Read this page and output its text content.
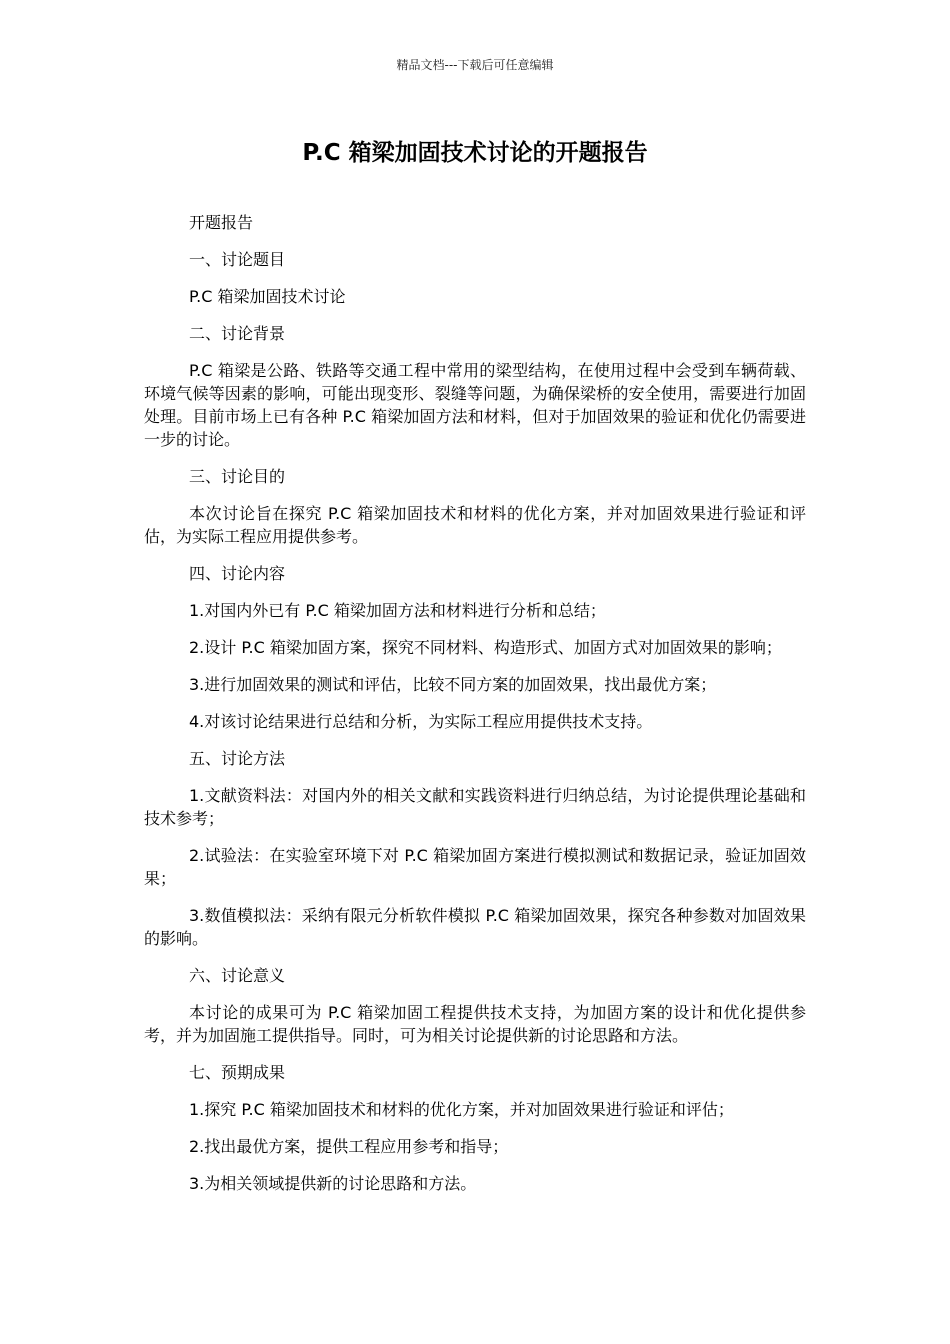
精品文档---下载后可任意编辑
P.C 箱梁加固技术讨论的开题报告

开题报告

一、讨论题目

P.C 箱梁加固技术讨论

二、讨论背景

P.C 箱梁是公路、铁路等交通工程中常用的梁型结构，在使用过程中会受到车辆荷载、环境气候等因素的影响，可能出现变形、裂缝等问题，为确保梁桥的安全使用，需要进行加固处理。目前市场上已有各种 P.C 箱梁加固方法和材料，但对于加固效果的验证和优化仍需要进一步的讨论。

三、讨论目的

本次讨论旨在探究 P.C 箱梁加固技术和材料的优化方案，并对加固效果进行验证和评估，为实际工程应用提供参考。

四、讨论内容

1.对国内外已有 P.C 箱梁加固方法和材料进行分析和总结；

2.设计 P.C 箱梁加固方案，探究不同材料、构造形式、加固方式对加固效果的影响；

3.进行加固效果的测试和评估，比较不同方案的加固效果，找出最优方案；

4.对该讨论结果进行总结和分析，为实际工程应用提供技术支持。

五、讨论方法

1.文献资料法：对国内外的相关文献和实践资料进行归纳总结，为讨论提供理论基础和技术参考；

2.试验法：在实验室环境下对 P.C 箱梁加固方案进行模拟测试和数据记录，验证加固效果；

3.数值模拟法：采纳有限元分析软件模拟 P.C 箱梁加固效果，探究各种参数对加固效果的影响。

六、讨论意义

本讨论的成果可为 P.C 箱梁加固工程提供技术支持，为加固方案的设计和优化提供参考，并为加固施工提供指导。同时，可为相关讨论提供新的讨论思路和方法。

七、预期成果

1.探究 P.C 箱梁加固技术和材料的优化方案，并对加固效果进行验证和评估；

2.找出最优方案，提供工程应用参考和指导；

3.为相关领域提供新的讨论思路和方法。
